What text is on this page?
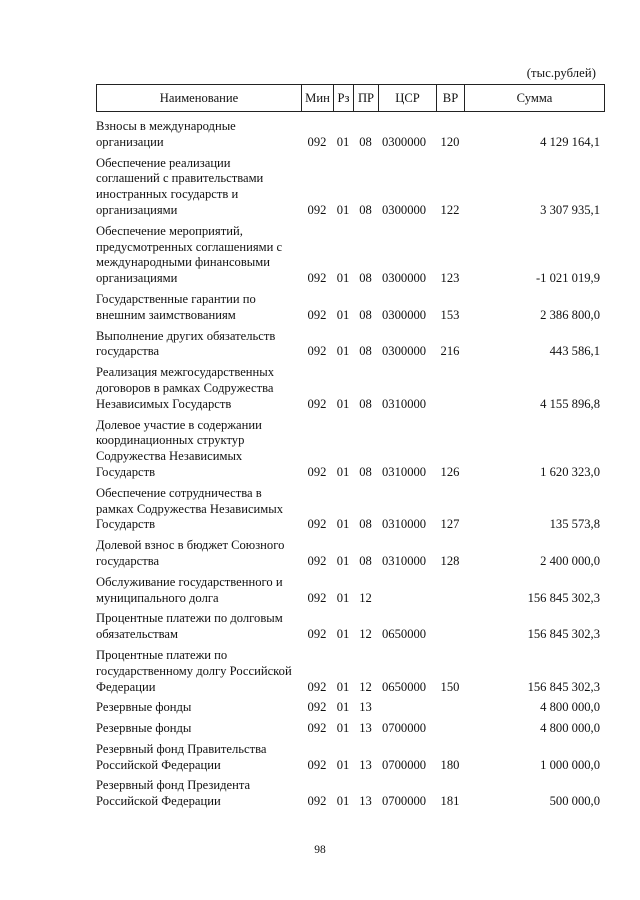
(тыс.рублей)
Наименование	Мин	Рз	ПР	ЦСР	ВР	Сумма
Взносы в международные организации	092	01	08	0300000	120	4 129 164,1
Обеспечение реализации соглашений с правительствами иностранных государств и организациями	092	01	08	0300000	122	3 307 935,1
Обеспечение мероприятий, предусмотренных соглашениями с международными финансовыми организациями	092	01	08	0300000	123	-1 021 019,9
Государственные гарантии по внешним заимствованиям	092	01	08	0300000	153	2 386 800,0
Выполнение других обязательств государства	092	01	08	0300000	216	443 586,1
Реализация межгосударственных договоров в рамках Содружества Независимых Государств	092	01	08	0310000		4 155 896,8
Долевое участие в содержании координационных структур Содружества Независимых Государств	092	01	08	0310000	126	1 620 323,0
Обеспечение сотрудничества в рамках Содружества Независимых Государств	092	01	08	0310000	127	135 573,8
Долевой взнос в бюджет Союзного государства	092	01	08	0310000	128	2 400 000,0
Обслуживание государственного и муниципального долга	092	01	12			156 845 302,3
Процентные платежи по долговым обязательствам	092	01	12	0650000		156 845 302,3
Процентные платежи по государственному долгу Российской Федерации	092	01	12	0650000	150	156 845 302,3
Резервные фонды	092	01	13			4 800 000,0
Резервные фонды	092	01	13	0700000		4 800 000,0
Резервный фонд Правительства Российской Федерации	092	01	13	0700000	180	1 000 000,0
Резервный фонд Президента Российской Федерации	092	01	13	0700000	181	500 000,0
98
